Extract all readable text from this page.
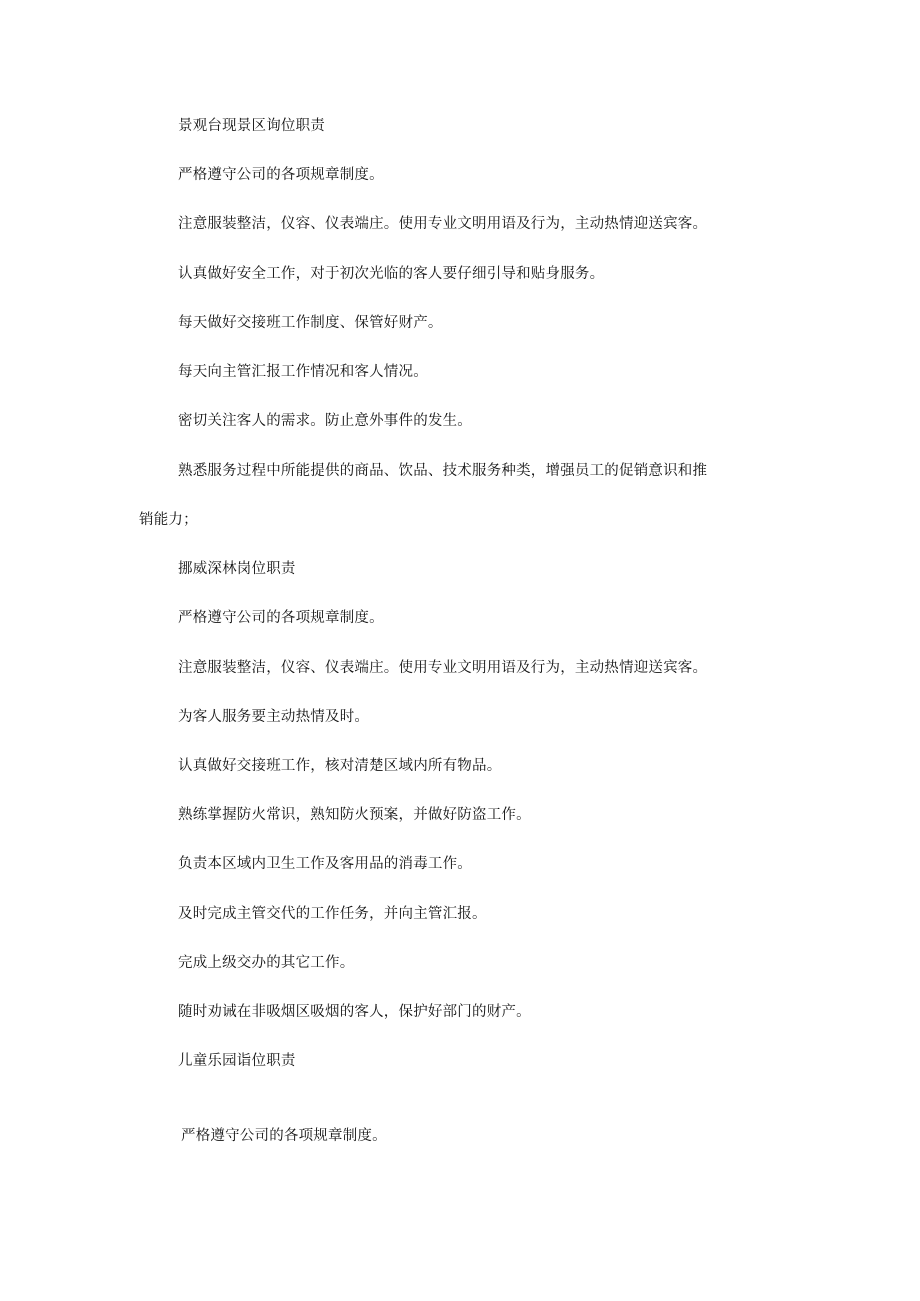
景观台现景区询位职责
严格遵守公司的各项规章制度。
注意服装整洁，仪容、仪表端庄。使用专业文明用语及行为，主动热情迎送宾客。
认真做好安全工作，对于初次光临的客人要仔细引导和贴身服务。
每天做好交接班工作制度、保管好财产。
每天向主管汇报工作情况和客人情况。
密切关注客人的需求。防止意外事件的发生。
熟悉服务过程中所能提供的商品、饮品、技术服务种类，增强员工的促销意识和推
销能力；
挪威深林岗位职责
严格遵守公司的各项规章制度。
注意服装整洁，仪容、仪表端庄。使用专业文明用语及行为，主动热情迎送宾客。
为客人服务要主动热情及时。
认真做好交接班工作，核对清楚区域内所有物品。
熟练掌握防火常识，熟知防火预案，并做好防盗工作。
负责本区域内卫生工作及客用品的消毒工作。
及时完成主管交代的工作任务，并向主管汇报。
完成上级交办的其它工作。
随时劝诫在非吸烟区吸烟的客人，保护好部门的财产。
儿童乐园诣位职责
严格遵守公司的各项规章制度。
